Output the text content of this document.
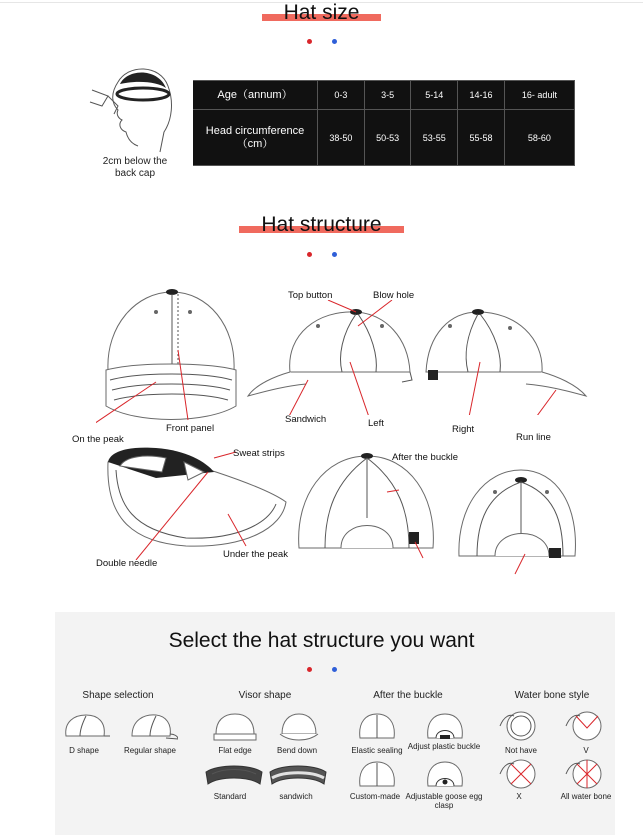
Hat size
2cm below the
back cap
Age（annum）	0-3	3-5	5-14	14-16	16- adult

Head circumference
（cm）	38-50	50-53	53-55	55-58	58-60
Hat structure
On the peak
Front panel
Top button	Blow hole
Sandwich	Left
Right
Run line
Sweat strips
Double needle
Under the peak
After the buckle
Select the hat structure you want
Shape selection	Visor shape	After the buckle	Water bone style
D shape	Regular shape	Flat edge	Bend down
Standard	sandwich
Elastic sealing Adjust plastic buckle
Custom-made Adjustable goose egg clasp
Not have	V
X	All water bone
